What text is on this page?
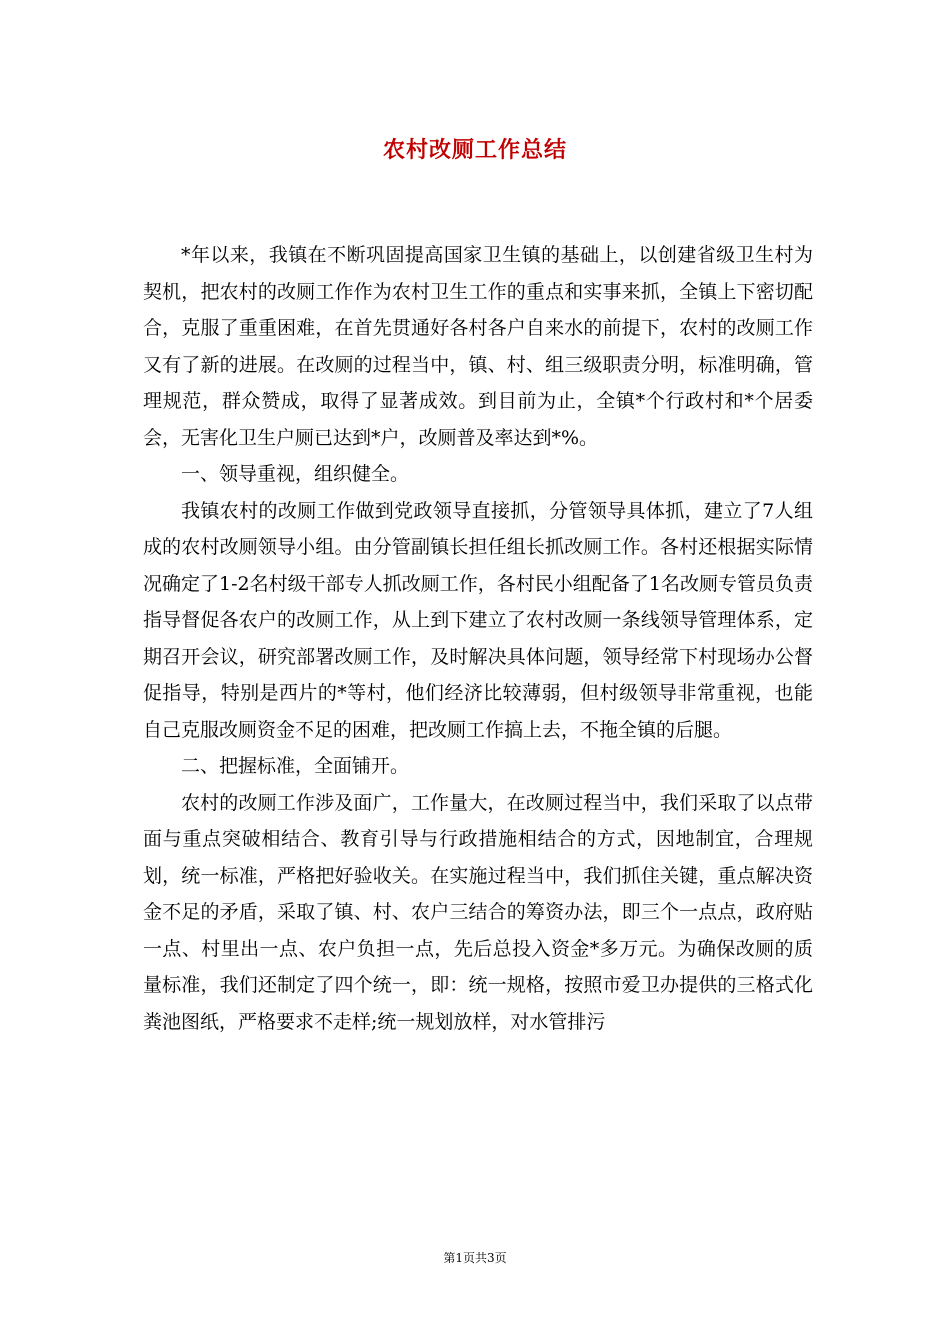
农村改厕工作总结

*年以来，我镇在不断巩固提高国家卫生镇的基础上，以创建省级卫生村为契机，把农村的改厕工作作为农村卫生工作的重点和实事来抓，全镇上下密切配合，克服了重重困难，在首先贯通好各村各户自来水的前提下，农村的改厕工作又有了新的进展。在改厕的过程当中，镇、村、组三级职责分明，标准明确，管理规范，群众赞成，取得了显著成效。到目前为止，全镇*个行政村和*个居委会，无害化卫生户厕已达到*户，改厕普及率达到*%。

一、领导重视，组织健全。

我镇农村的改厕工作做到党政领导直接抓，分管领导具体抓，建立了7人组成的农村改厕领导小组。由分管副镇长担任组长抓改厕工作。各村还根据实际情况确定了1-2名村级干部专人抓改厕工作，各村民小组配备了1名改厕专管员负责指导督促各农户的改厕工作，从上到下建立了农村改厕一条线领导管理体系，定期召开会议，研究部署改厕工作，及时解决具体问题，领导经常下村现场办公督促指导，特别是西片的*等村，他们经济比较薄弱，但村级领导非常重视，也能自己克服改厕资金不足的困难，把改厕工作搞上去，不拖全镇的后腿。

二、把握标准，全面铺开。

农村的改厕工作涉及面广，工作量大，在改厕过程当中，我们采取了以点带面与重点突破相结合、教育引导与行政措施相结合的方式，因地制宜，合理规划，统一标准，严格把好验收关。在实施过程当中，我们抓住关键，重点解决资金不足的矛盾，采取了镇、村、农户三结合的筹资办法，即三个一点点，政府贴一点、村里出一点、农户负担一点，先后总投入资金*多万元。为确保改厕的质量标准，我们还制定了四个统一，即：统一规格，按照市爱卫办提供的三格式化粪池图纸，严格要求不走样;统一规划放样，对水管排污

第1页共3页
